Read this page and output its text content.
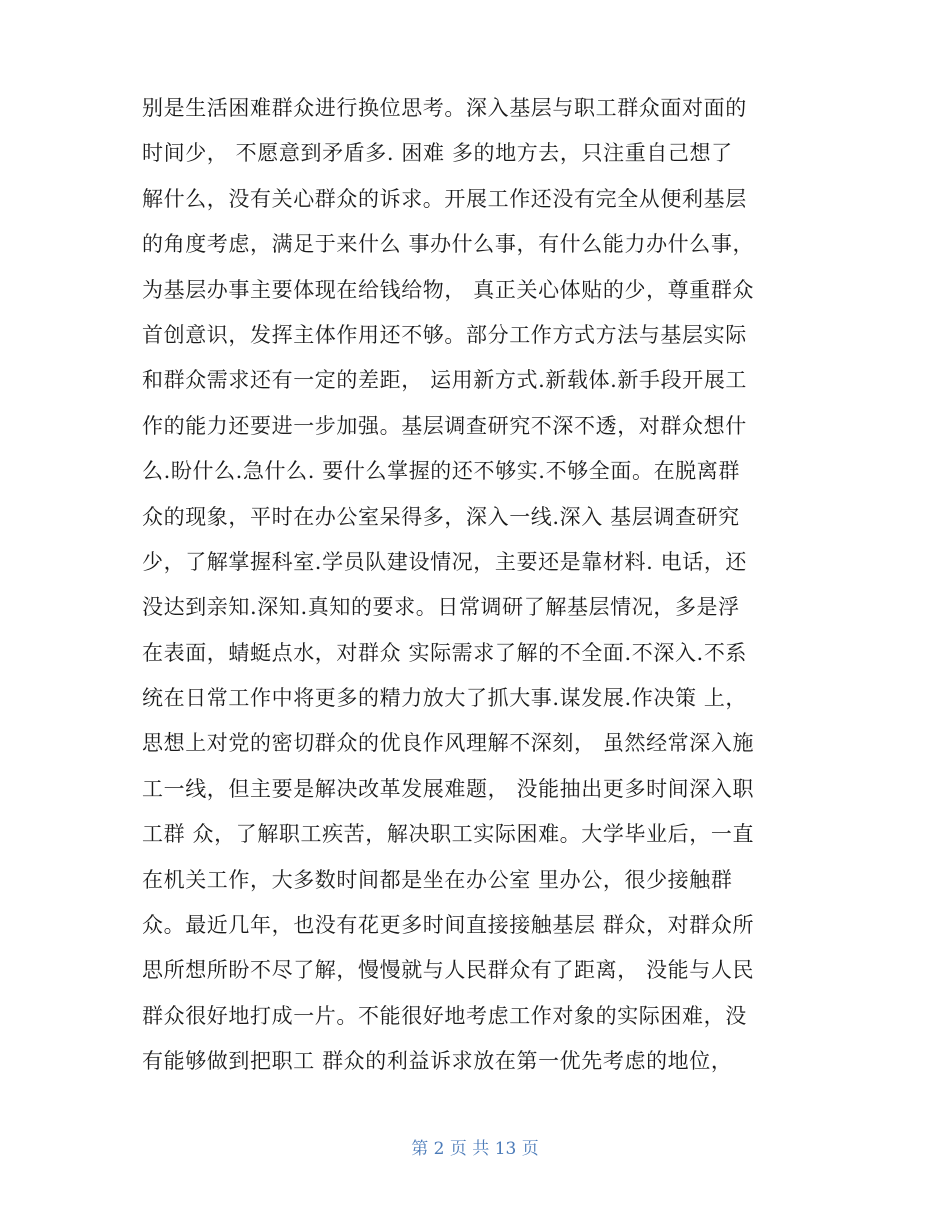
别是生活困难群众进行换位思考。深入基层与职工群众面对面的
时间少， 不愿意到矛盾多. 困难 多的地方去，只注重自己想了
解什么，没有关心群众的诉求。开展工作还没有完全从便利基层
的角度考虑，满足于来什么 事办什么事，有什么能力办什么事，
为基层办事主要体现在给钱给物， 真正关心体贴的少，尊重群众
首创意识，发挥主体作用还不够。部分工作方式方法与基层实际
和群众需求还有一定的差距， 运用新方式.新载体.新手段开展工
作的能力还要进一步加强。基层调查研究不深不透，对群众想什
么.盼什么.急什么. 要什么掌握的还不够实.不够全面。在脱离群
众的现象，平时在办公室呆得多，深入一线.深入 基层调查研究
少，了解掌握科室.学员队建设情况，主要还是靠材料. 电话，还
没达到亲知.深知.真知的要求。日常调研了解基层情况，多是浮
在表面，蜻蜓点水，对群众 实际需求了解的不全面.不深入.不系
统在日常工作中将更多的精力放大了抓大事.谋发展.作决策 上，
思想上对党的密切群众的优良作风理解不深刻， 虽然经常深入施
工一线，但主要是解决改革发展难题， 没能抽出更多时间深入职
工群 众，了解职工疾苦，解决职工实际困难。大学毕业后，一直
在机关工作，大多数时间都是坐在办公室 里办公，很少接触群
众。最近几年，也没有花更多时间直接接触基层 群众，对群众所
思所想所盼不尽了解，慢慢就与人民群众有了距离， 没能与人民
群众很好地打成一片。不能很好地考虑工作对象的实际困难，没
有能够做到把职工 群众的利益诉求放在第一优先考虑的地位，
第 2 页 共 13 页
